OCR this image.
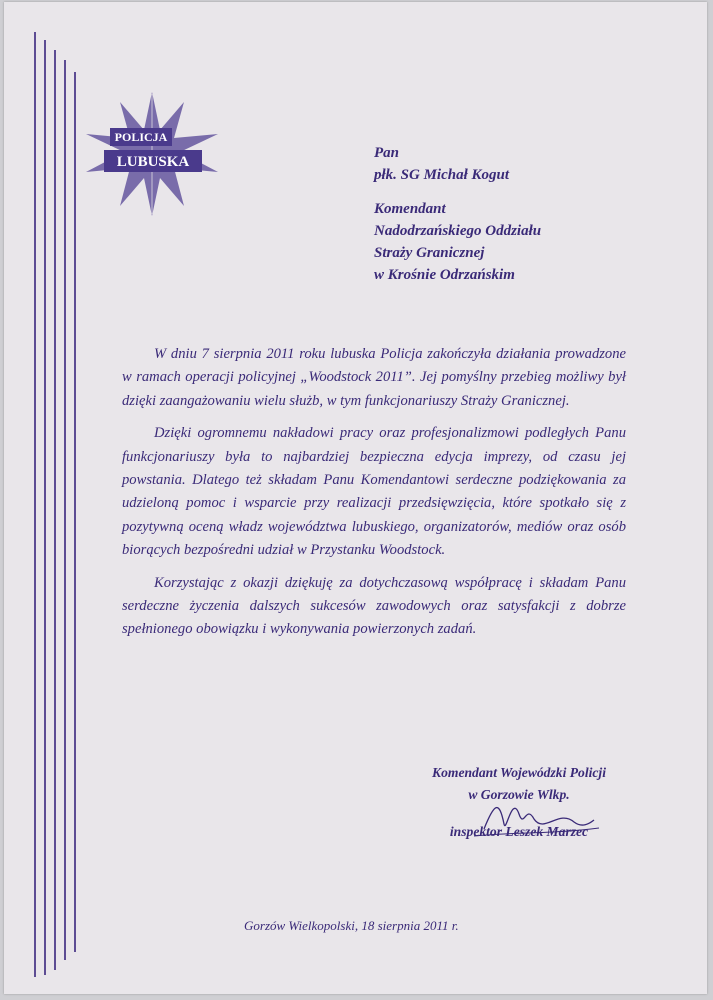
POLICJA
LUBUSKA
Pan
płk. SG Michał Kogut
Komendant
Nadodrzańskiego Oddziału
Straży Granicznej
w Krośnie Odrzańskim

W dniu 7 sierpnia 2011 roku lubuska Policja zakończyła działania prowadzone w ramach operacji policyjnej „Woodstock 2011”. Jej pomyślny przebieg możliwy był dzięki zaangażowaniu wielu służb, w tym funkcjonariuszy Straży Granicznej.

Dzięki ogromnemu nakładowi pracy oraz profesjonalizmowi podległych Panu funkcjonariuszy była to najbardziej bezpieczna edycja imprezy, od czasu jej powstania. Dlatego też składam Panu Komendantowi serdeczne podziękowania za udzieloną pomoc i wsparcie przy realizacji przedsięwzięcia, które spotkało się z pozytywną oceną władz województwa lubuskiego, organizatorów, mediów oraz osób biorących bezpośredni udział w Przystanku Woodstock.

Korzystając z okazji dziękuję za dotychczasową współpracę i składam Panu serdeczne życzenia dalszych sukcesów zawodowych oraz satysfakcji z dobrze spełnionego obowiązku i wykonywania powierzonych zadań.

Komendant Wojewódzki Policji
w Gorzowie Wlkp.
inspektor Leszek Marzec
Gorzów Wielkopolski, 18 sierpnia 2011 r.
